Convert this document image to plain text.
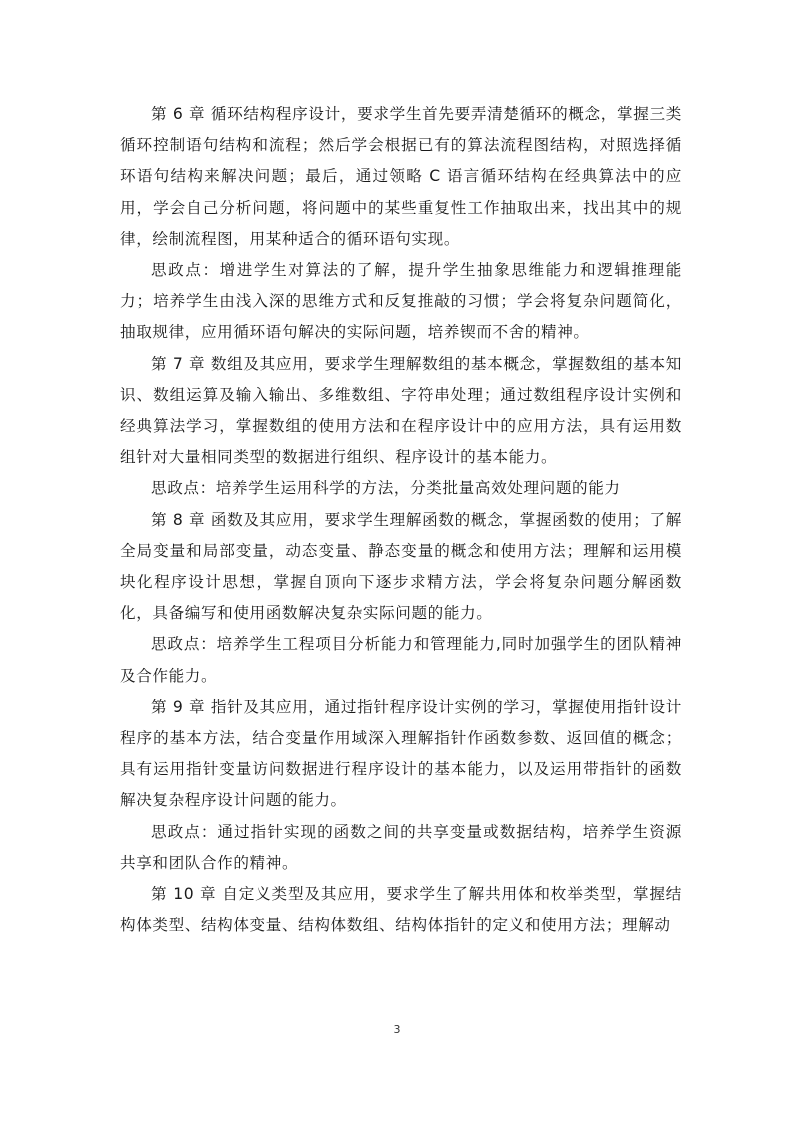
第 6 章 循环结构程序设计，要求学生首先要弄清楚循环的概念，掌握三类循环控制语句结构和流程；然后学会根据已有的算法流程图结构，对照选择循环语句结构来解决问题；最后，通过领略 C 语言循环结构在经典算法中的应用，学会自己分析问题，将问题中的某些重复性工作抽取出来，找出其中的规律，绘制流程图，用某种适合的循环语句实现。

思政点：增进学生对算法的了解，提升学生抽象思维能力和逻辑推理能力；培养学生由浅入深的思维方式和反复推敲的习惯；学会将复杂问题简化，抽取规律，应用循环语句解决的实际问题，培养锲而不舍的精神。

第 7 章 数组及其应用，要求学生理解数组的基本概念，掌握数组的基本知识、数组运算及输入输出、多维数组、字符串处理；通过数组程序设计实例和经典算法学习，掌握数组的使用方法和在程序设计中的应用方法，具有运用数组针对大量相同类型的数据进行组织、程序设计的基本能力。

思政点：培养学生运用科学的方法，分类批量高效处理问题的能力

第 8 章 函数及其应用，要求学生理解函数的概念，掌握函数的使用；了解全局变量和局部变量，动态变量、静态变量的概念和使用方法；理解和运用模块化程序设计思想，掌握自顶向下逐步求精方法，学会将复杂问题分解函数化，具备编写和使用函数解决复杂实际问题的能力。

思政点：培养学生工程项目分析能力和管理能力,同时加强学生的团队精神及合作能力。

第 9 章 指针及其应用，通过指针程序设计实例的学习，掌握使用指针设计程序的基本方法，结合变量作用域深入理解指针作函数参数、返回值的概念；具有运用指针变量访问数据进行程序设计的基本能力，以及运用带指针的函数解决复杂程序设计问题的能力。

思政点：通过指针实现的函数之间的共享变量或数据结构，培养学生资源共享和团队合作的精神。

第 10 章 自定义类型及其应用，要求学生了解共用体和枚举类型，掌握结构体类型、结构体变量、结构体数组、结构体指针的定义和使用方法；理解动

3
